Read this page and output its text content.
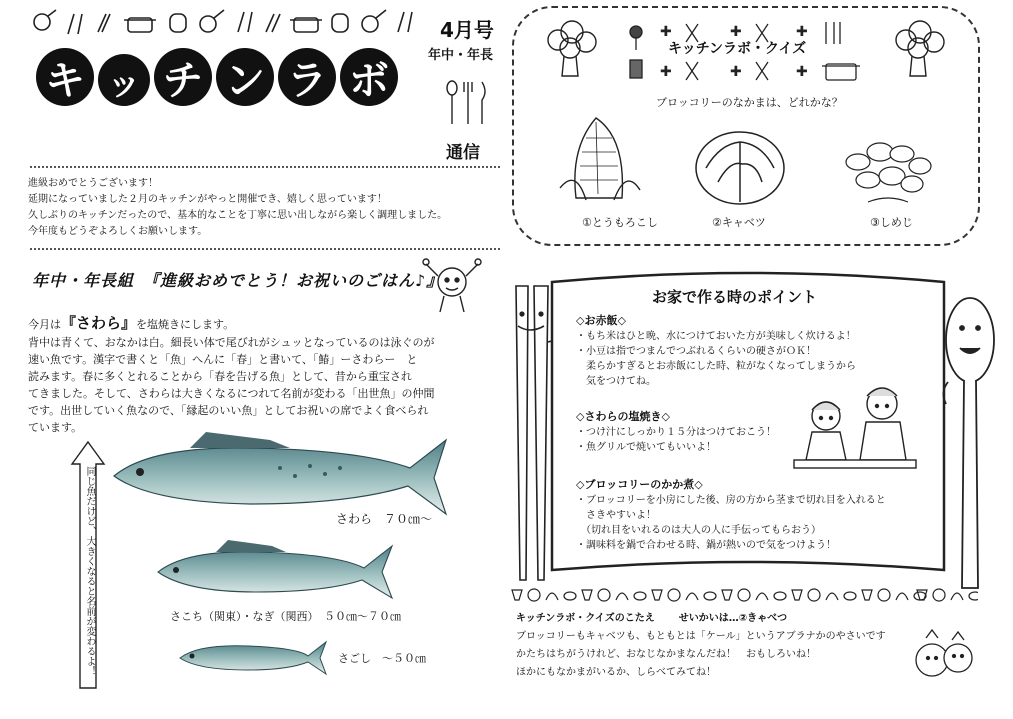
キ ッ チ ン ラ ボ
4月号
年中・年長
通信
進級おめでとうございます！
延期になっていました２月のキッチンがやっと開催でき、嬉しく思っています！
久しぶりのキッチンだったので、基本的なことを丁寧に思い出しながら楽しく調理しました。
今年度もどうぞよろしくお願いします。
年中・年長組　『進級おめでとう！お祝いのごはん♪』
今月は『さわら』を塩焼きにします。
背中は青くて、おなかは白。細長い体で尾びれがシュッとなっているのは泳ぐのが
速い魚です。漢字で書くと「魚」へんに「春」と書いて、「鰆」ーさわらー　と
読みます。春に多くとれることから「春を告げる魚」として、昔から重宝され
てきました。そして、さわらは大きくなるにつれて名前が変わる「出世魚」の仲間
です。出世していく魚なので、「縁起のいい魚」としてお祝いの席でよく食べられ
ています。
同じ魚だけど、大きくなると名前が変わるよ！	さわら　７０㎝〜
さこち（関東）・なぎ（関西）　５０㎝〜７０㎝
さごし　〜５０㎝
✚	✚	✚
✚	✚	✚
キッチンラボ・クイズ
ブロッコリーのなかまは、どれかな？
①とうもろこし	②キャベツ	③しめじ
お家で作る時のポイント
◇お赤飯◇
・もち米はひと晩、水につけておいた方が美味しく炊けるよ！
・小豆は指でつまんでつぶれるくらいの硬さがＯＫ！
　柔らかすぎるとお赤飯にした時、粒がなくなってしまうから
　気をつけてね。
◇さわらの塩焼き◇
・つけ汁にしっかり１５分はつけておこう！
・魚グリルで焼いてもいいよ！
◇ブロッコリーのかか煮◇
・ブロッコリーを小房にした後、房の方から茎まで切れ目を入れると
　さきやすいよ！
　（切れ目をいれるのは大人の人に手伝ってもらおう）
・調味料を鍋で合わせる時、鍋が熱いので気をつけよう！
キッチンラボ・クイズのこたえ せいかいは…②きゃべつ
ブロッコリーもキャベツも、もともとは「ケール」というアブラナかのやさいです
かたちはちがうけれど、おなじなかまなんだね！　おもしろいね！
ほかにもなかまがいるか、しらべてみてね！
